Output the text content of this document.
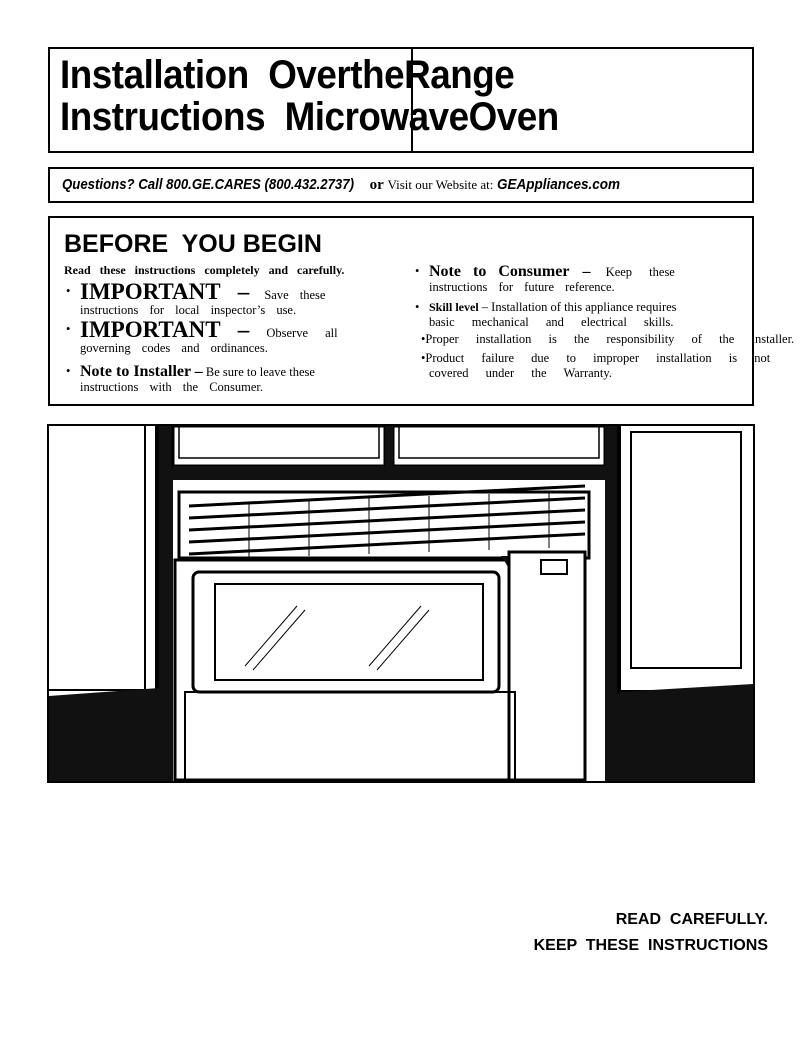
Installation  OvertheRange
Instructions  MicrowaveOven
Questions? Call 800.GE.CARES (800.432.2737) or Visit our Website at: GEAppliances.com
BEFORE  YOU BEGIN
Read these instructions completely and carefully.
• IMPORTANT – Save these
instructions for local inspector’s use.
• IMPORTANT – Observe all
governing codes and ordinances.
• Note to Installer – Be sure to leave these
instructions with the Consumer.
• Note to Consumer – Keep these
instructions for future reference.
• Skill level – Installation of this appliance requires
basic mechanical and electrical skills.
•Proper installation is the responsibility of the installer.
•Product failure due to improper installation is not
covered under the Warranty.
READ  CAREFULLY.
KEEP  THESE  INSTRUCTIONS
